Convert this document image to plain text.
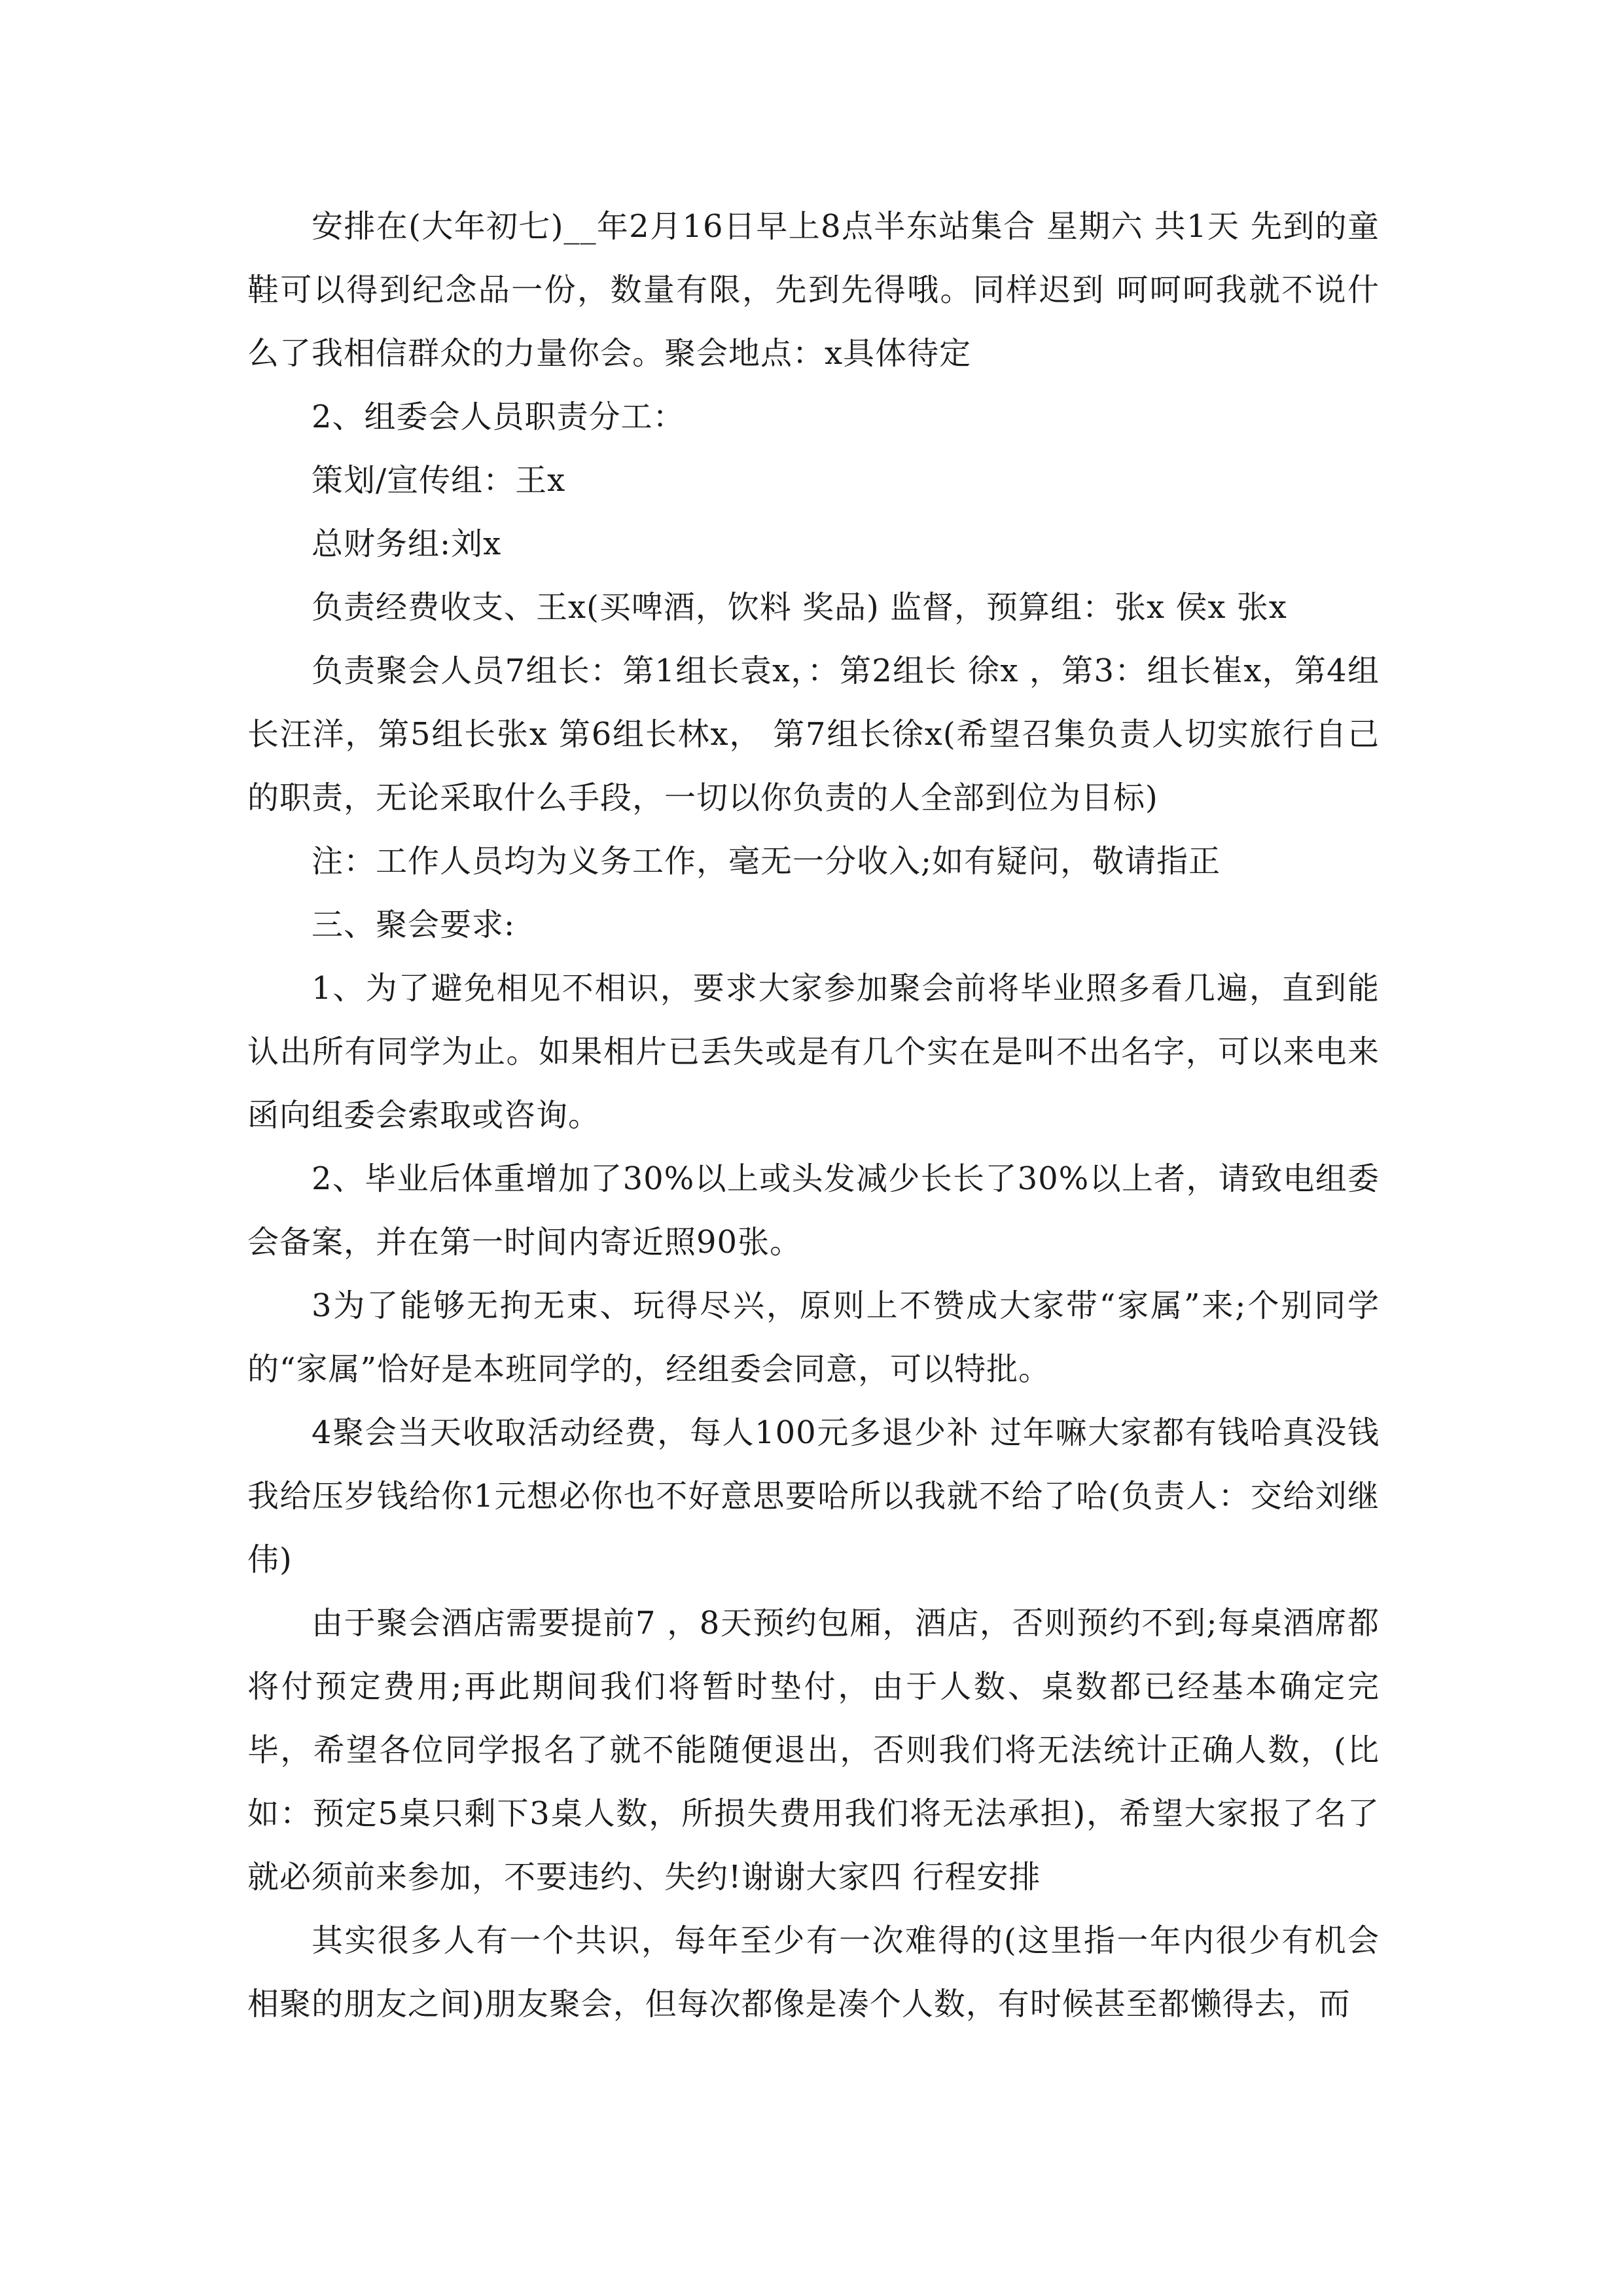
安排在(大年初七)__年2月16日早上8点半东站集合 星期六 共1天 先到的童鞋可以得到纪念品一份，数量有限，先到先得哦。同样迟到 呵呵呵我就不说什么了我相信群众的力量你会。聚会地点：x具体待定

2、组委会人员职责分工：

策划/宣传组：王x

总财务组:刘x

负责经费收支、王x(买啤酒，饮料 奖品) 监督，预算组：张x 侯x 张x

负责聚会人员7组长：第1组长袁x，：第2组长 徐x ，第3：组长崔x，第4组长汪洋，第5组长张x 第6组长林x， 第7组长徐x(希望召集负责人切实旅行自己的职责，无论采取什么手段，一切以你负责的人全部到位为目标)

注：工作人员均为义务工作，毫无一分收入;如有疑问，敬请指正

三、聚会要求:

1、为了避免相见不相识，要求大家参加聚会前将毕业照多看几遍，直到能认出所有同学为止。如果相片已丢失或是有几个实在是叫不出名字，可以来电来函向组委会索取或咨询。

2、毕业后体重增加了30%以上或头发减少长长了30%以上者，请致电组委会备案，并在第一时间内寄近照90张。

3为了能够无拘无束、玩得尽兴，原则上不赞成大家带“家属”来;个别同学的“家属”恰好是本班同学的，经组委会同意，可以特批。

4聚会当天收取活动经费，每人100元多退少补 过年嘛大家都有钱哈真没钱我给压岁钱给你1元想必你也不好意思要哈所以我就不给了哈(负责人：交给刘继伟)

由于聚会酒店需要提前7 ，8天预约包厢，酒店，否则预约不到;每桌酒席都将付预定费用;再此期间我们将暂时垫付，由于人数、桌数都已经基本确定完毕，希望各位同学报名了就不能随便退出，否则我们将无法统计正确人数，(比如：预定5桌只剩下3桌人数，所损失费用我们将无法承担)，希望大家报了名了就必须前来参加，不要违约、失约!谢谢大家四 行程安排

其实很多人有一个共识，每年至少有一次难得的(这里指一年内很少有机会相聚的朋友之间)朋友聚会，但每次都像是凑个人数，有时候甚至都懒得去，而
